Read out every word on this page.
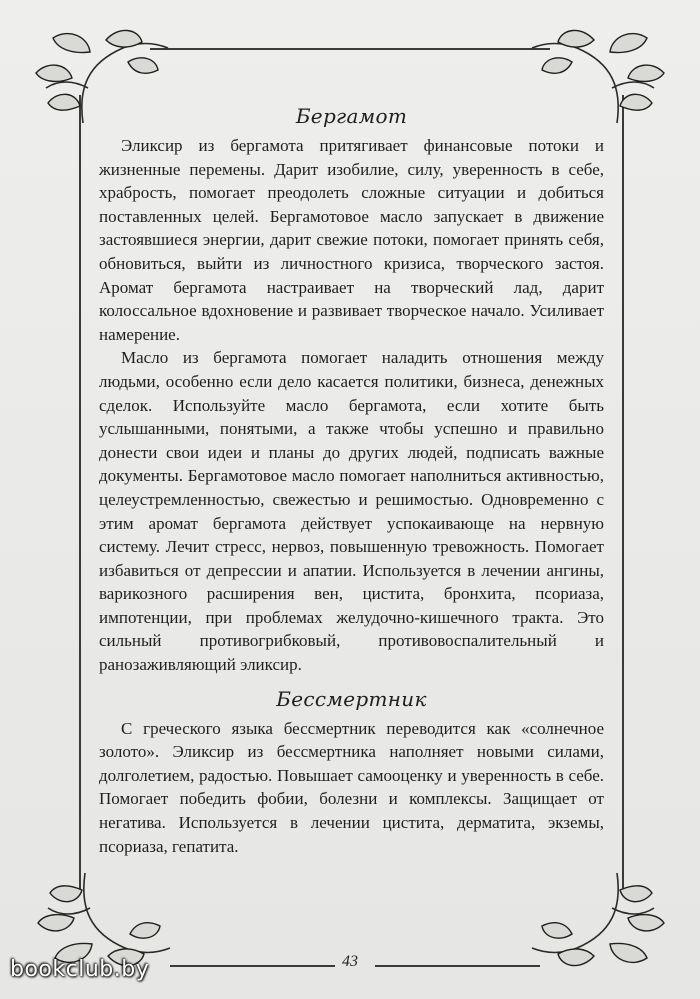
Бергамот

Эликсир из бергамота притягивает финансовые потоки и жизненные перемены. Дарит изобилие, силу, уверенность в себе, храбрость, помогает преодолеть сложные ситуации и добиться поставленных целей. Бергамотовое масло запускает в движение застоявшиеся энергии, дарит свежие потоки, помогает принять себя, обновиться, выйти из личностного кризиса, творческого застоя. Аромат бергамота настраивает на творческий лад, дарит колоссальное вдохновение и развивает творческое начало. Усиливает намерение.

Масло из бергамота помогает наладить отношения между людьми, особенно если дело касается политики, бизнеса, денежных сделок. Используйте масло бергамота, если хотите быть услышанными, понятыми, а также чтобы успешно и правильно донести свои идеи и планы до других людей, подписать важные документы. Бергамотовое масло помогает наполниться активностью, целеустремленностью, свежестью и решимостью. Одновременно с этим аромат бергамота действует успокаивающе на нервную систему. Лечит стресс, нервоз, повышенную тревожность. Помогает избавиться от депрессии и апатии. Используется в лечении ангины, варикозного расширения вен, цистита, бронхита, псориаза, импотенции, при проблемах желудочно-кишечного тракта. Это сильный противогрибковый, противовоспалительный и ранозаживляющий эликсир.

Бессмертник

С греческого языка бессмертник переводится как «солнечное золото». Эликсир из бессмертника наполняет новыми силами, долголетием, радостью. Повышает самооценку и уверенность в себе. Помогает победить фобии, болезни и комплексы. Защищает от негатива. Используется в лечении цистита, дерматита, экземы, псориаза, гепатита.

43
bookclub.by
